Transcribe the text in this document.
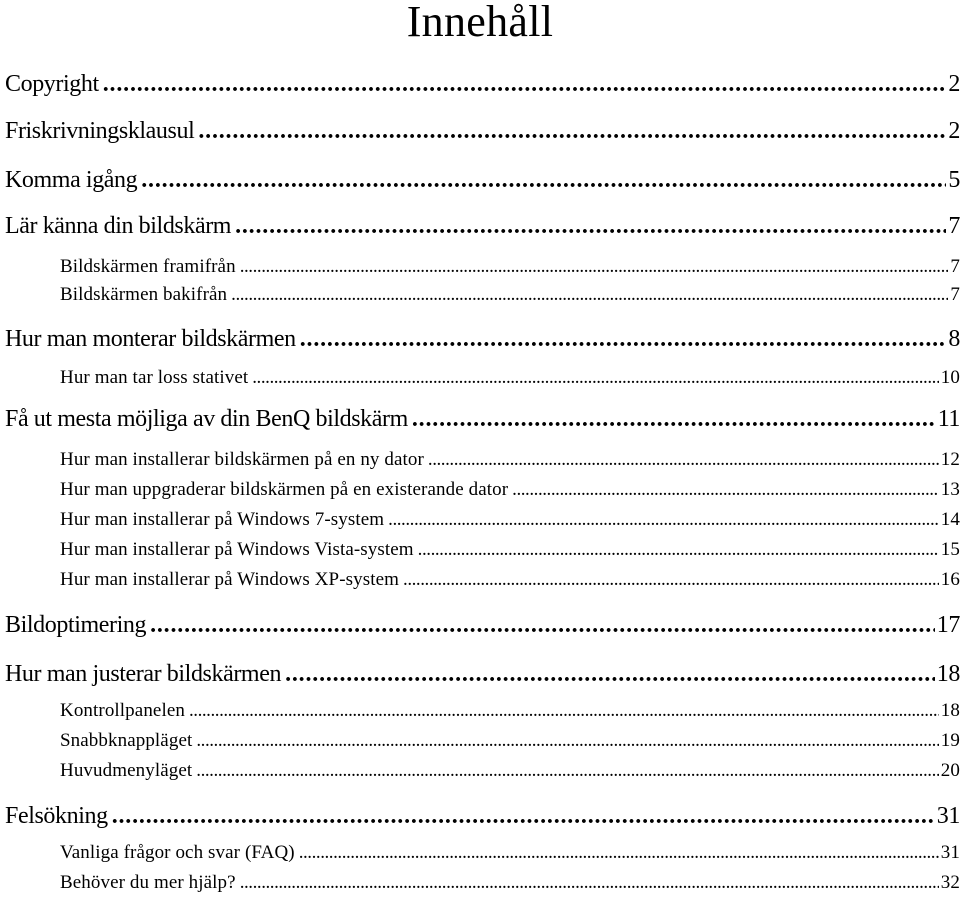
Innehåll
Copyright . . .	2
Friskrivningsklausul . . .	2
Komma igång . . .	5
Lär känna din bildskärm . . .	7
Bildskärmen framifrån . . .	7
Bildskärmen bakifrån . . .	7
Hur man monterar bildskärmen . . .	8
Hur man tar loss stativet . . .	10
Få ut mesta möjliga av din BenQ bildskärm . . .	11
Hur man installerar bildskärmen på en ny dator . . .	12
Hur man uppgraderar bildskärmen på en existerande dator . . .	13
Hur man installerar på Windows 7-system . . .	14
Hur man installerar på Windows Vista-system . . .	15
Hur man installerar på Windows XP-system . . .	16
Bildoptimering . . .	17
Hur man justerar bildskärmen . . .	18
Kontrollpanelen . . .	18
Snabbknappläget . . .	19
Huvudmenyläget . . .	20
Felsökning . . .	31
Vanliga frågor och svar (FAQ) . . .	31
Behöver du mer hjälp? . . .	32
